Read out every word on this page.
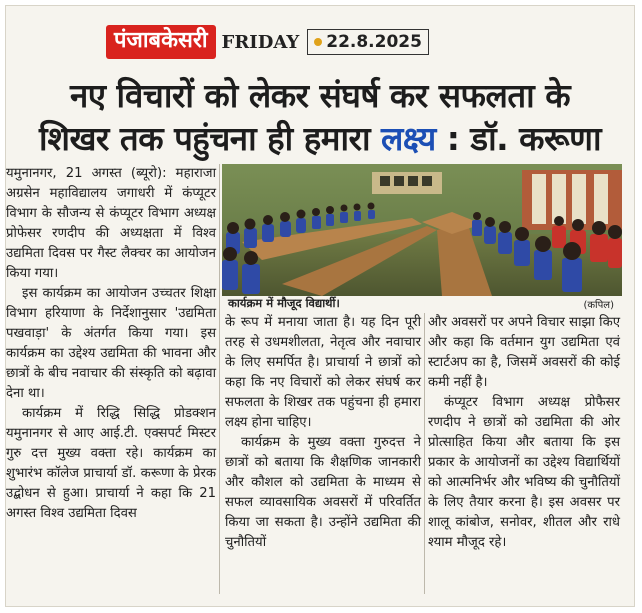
पंजाबकेसरी FRIDAY 22.8.2025
नए विचारों को लेकर संघर्ष कर सफलता के
शिखर तक पहुंचना ही हमारा लक्ष्य : डॉ. करूणा

यमुनानगर, 21 अगस्त (ब्यूरो): महाराजा अग्रसेन महाविद्यालय जगाधरी में कंप्यूटर विभाग के सौजन्य से कंप्यूटर विभाग अध्यक्ष प्रोफेसर रणदीप की अध्यक्षता में विश्व उद्यमिता दिवस पर गैस्ट लैक्चर का आयोजन किया गया।

इस कार्यक्रम का आयोजन उच्चतर शिक्षा विभाग हरियाणा के निर्देशानुसार 'उद्यमिता पखवाड़ा' के अंतर्गत किया गया। इस कार्यक्रम का उद्देश्य उद्यमिता की भावना और छात्रों के बीच नवाचार की संस्कृति को बढ़ावा देना था।

कार्यक्रम में रिद्धि सिद्धि प्रोडक्शन यमुनानगर से आए आई.टी. एक्सपर्ट मिस्टर गुरु दत्त मुख्य वक्ता रहे। कार्यक्रम का शुभारंभ कॉलेज प्राचार्या डॉ. करूणा के प्रेरक उद्बोधन से हुआ। प्राचार्या ने कहा कि 21 अगस्त विश्व उद्यमिता दिवस

कार्यक्रम में मौजूद विद्यार्थी।	(कपिल)

के रूप में मनाया जाता है। यह दिन पूरी तरह से उधमशीलता, नेतृत्व और नवाचार के लिए समर्पित है। प्राचार्या ने छात्रों को कहा कि नए विचारों को लेकर संघर्ष कर सफलता के शिखर तक पहुंचना ही हमारा लक्ष्य होना चाहिए।

कार्यक्रम के मुख्य वक्ता गुरुदत्त ने छात्रों को बताया कि शैक्षणिक जानकारी और कौशल को उद्यमिता के माध्यम से सफल व्यावसायिक अवसरों में परिवर्तित किया जा सकता है। उन्होंने उद्यमिता की चुनौतियों

और अवसरों पर अपने विचार साझा किए और कहा कि वर्तमान युग उद्यमिता एवं स्टार्टअप का है, जिसमें अवसरों की कोई कमी नहीं है।

कंप्यूटर विभाग अध्यक्ष प्रोफैसर रणदीप ने छात्रों को उद्यमिता की ओर प्रोत्साहित किया और बताया कि इस प्रकार के आयोजनों का उद्देश्य विद्यार्थियों को आत्मनिर्भर और भविष्य की चुनौतियों के लिए तैयार करना है। इस अवसर पर शालू कांबोज, सनोवर, शीतल और राधे श्याम मौजूद रहे।
